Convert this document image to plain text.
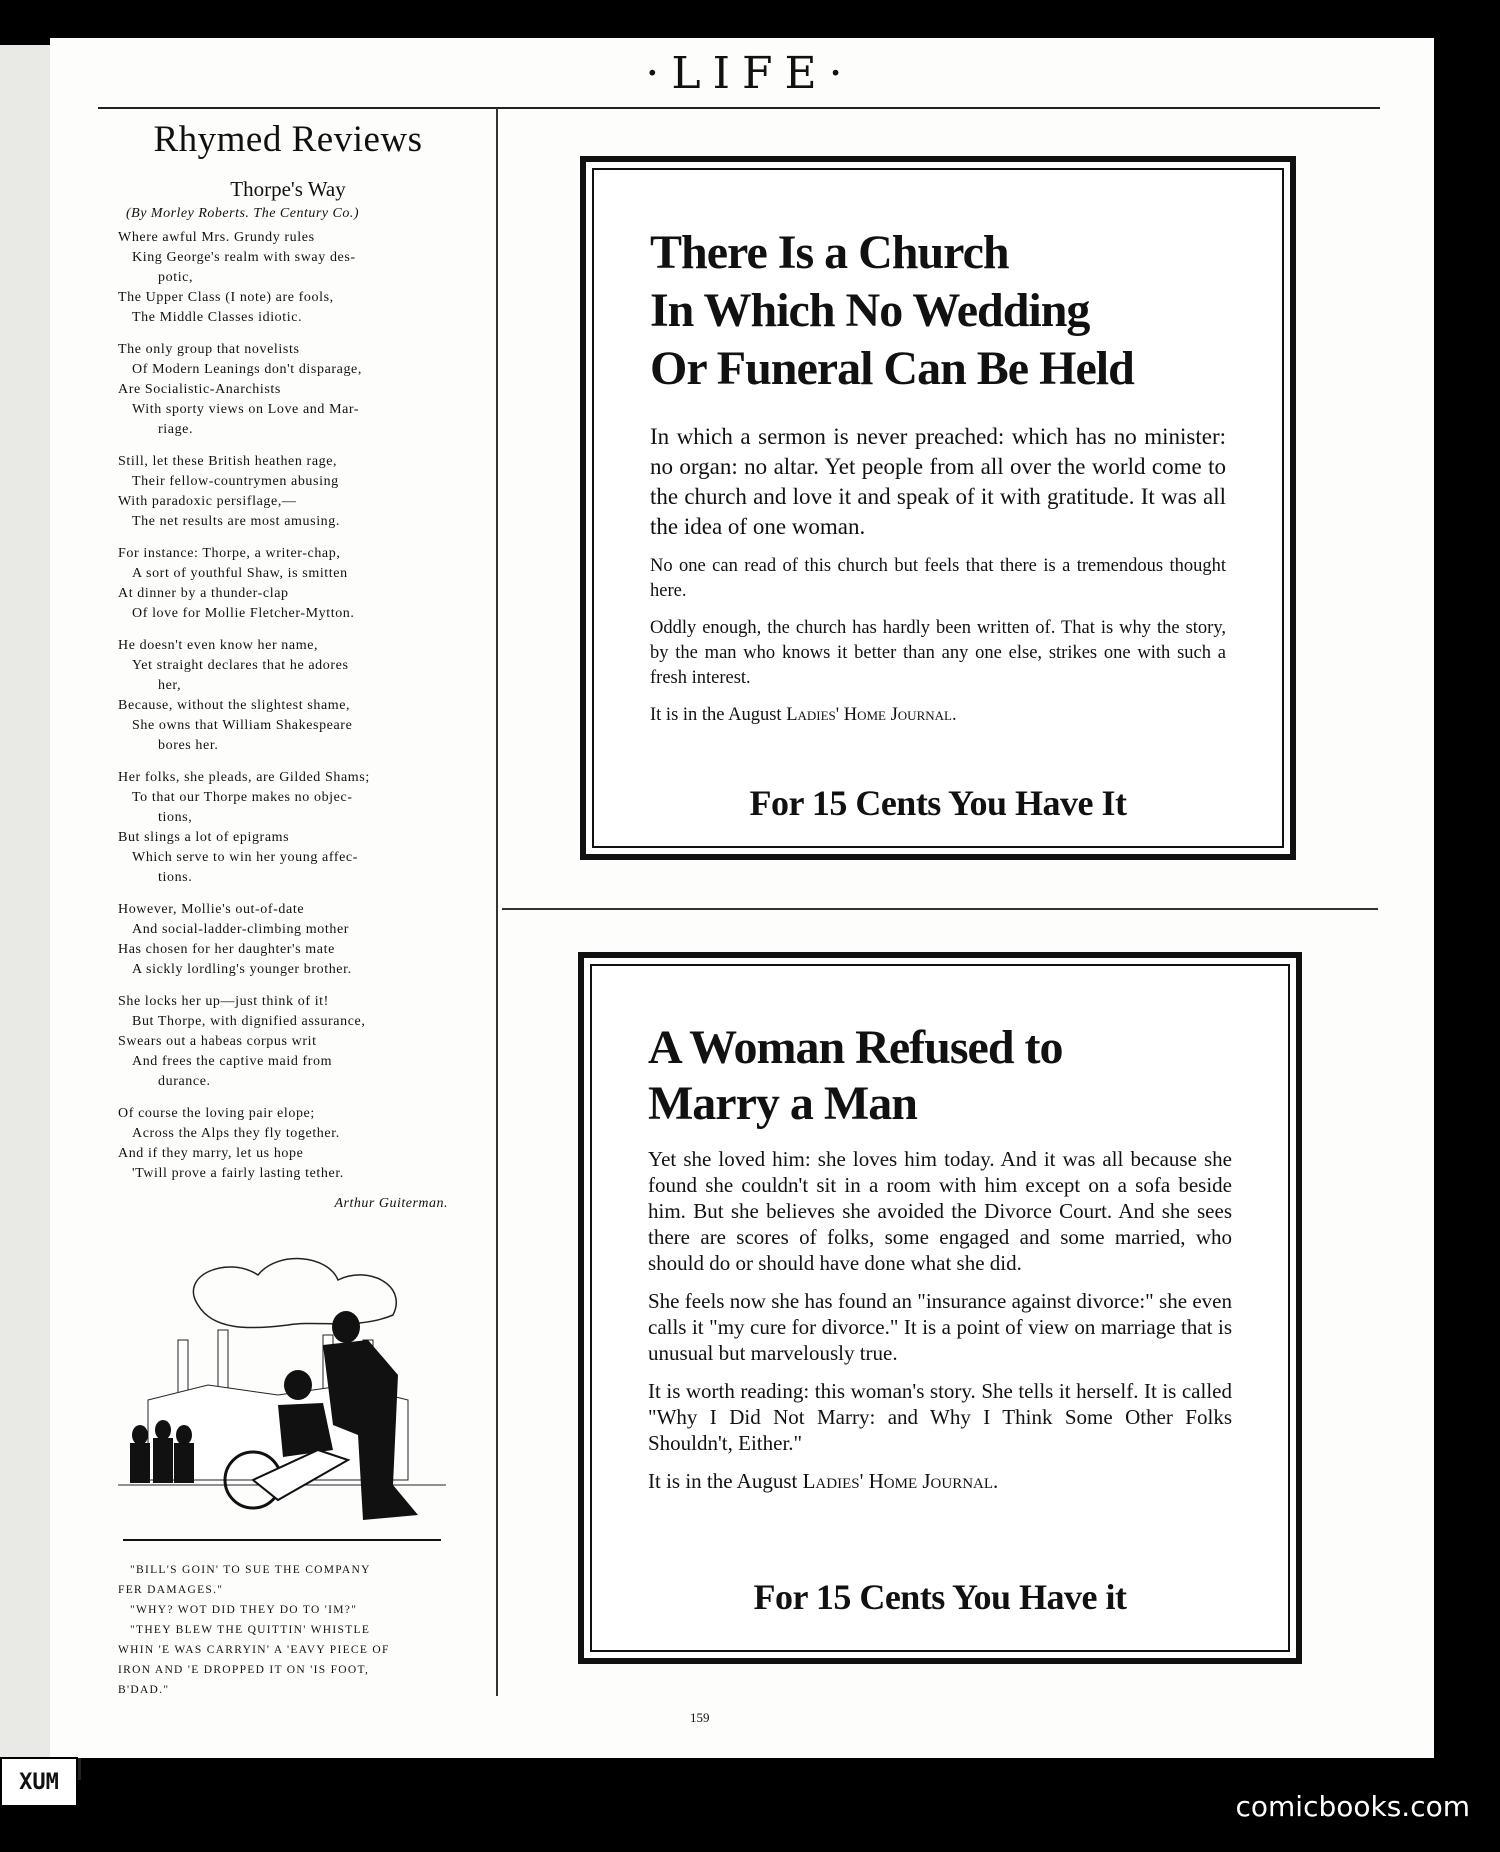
XUM
·LIFE·
Rhymed Reviews
Thorpe's Way
(By Morley Roberts. The Century Co.)
Where awful Mrs. Grundy rules
King George's realm with sway des-
potic,
The Upper Class (I note) are fools,
The Middle Classes idiotic.
The only group that novelists
Of Modern Leanings don't disparage,
Are Socialistic-Anarchists
With sporty views on Love and Mar-
riage.
Still, let these British heathen rage,
Their fellow-countrymen abusing
With paradoxic persiflage,—
The net results are most amusing.
For instance: Thorpe, a writer-chap,
A sort of youthful Shaw, is smitten
At dinner by a thunder-clap
Of love for Mollie Fletcher-Mytton.
He doesn't even know her name,
Yet straight declares that he adores
her,
Because, without the slightest shame,
She owns that William Shakespeare
bores her.
Her folks, she pleads, are Gilded Shams;
To that our Thorpe makes no objec-
tions,
But slings a lot of epigrams
Which serve to win her young affec-
tions.
However, Mollie's out-of-date
And social-ladder-climbing mother
Has chosen for her daughter's mate
A sickly lordling's younger brother.
She locks her up—just think of it!
But Thorpe, with dignified assurance,
Swears out a habeas corpus writ
And frees the captive maid from
durance.
Of course the loving pair elope;
Across the Alps they fly together.
And if they marry, let us hope
'Twill prove a fairly lasting tether.
Arthur Guiterman.
"BILL'S GOIN' TO SUE THE COMPANY
FER DAMAGES."
"WHY? WOT DID THEY DO TO 'IM?"
"THEY BLEW THE QUITTIN' WHISTLE
WHIN 'E WAS CARRYIN' A 'EAVY PIECE OF
IRON AND 'E DROPPED IT ON 'IS FOOT,
B'DAD."
There Is a Church
In Which No Wedding
Or Funeral Can Be Held

In which a sermon is never preached: which has no minister: no organ: no altar. Yet people from all over the world come to the church and love it and speak of it with gratitude. It was all the idea of one woman.

No one can read of this church but feels that there is a tremendous thought here.

Oddly enough, the church has hardly been written of. That is why the story, by the man who knows it better than any one else, strikes one with such a fresh interest.

It is in the August Ladies' Home Journal.

For 15 Cents You Have It
A Woman Refused to
Marry a Man

Yet she loved him: she loves him today. And it was all because she found she couldn't sit in a room with him except on a sofa beside him. But she believes she avoided the Divorce Court. And she sees there are scores of folks, some engaged and some married, who should do or should have done what she did.

She feels now she has found an "insurance against divorce:" she even calls it "my cure for divorce." It is a point of view on marriage that is unusual but marvelously true.

It is worth reading: this woman's story. She tells it herself. It is called "Why I Did Not Marry: and Why I Think Some Other Folks Shouldn't, Either."

It is in the August Ladies' Home Journal.

For 15 Cents You Have it
159
comicbooks.com
